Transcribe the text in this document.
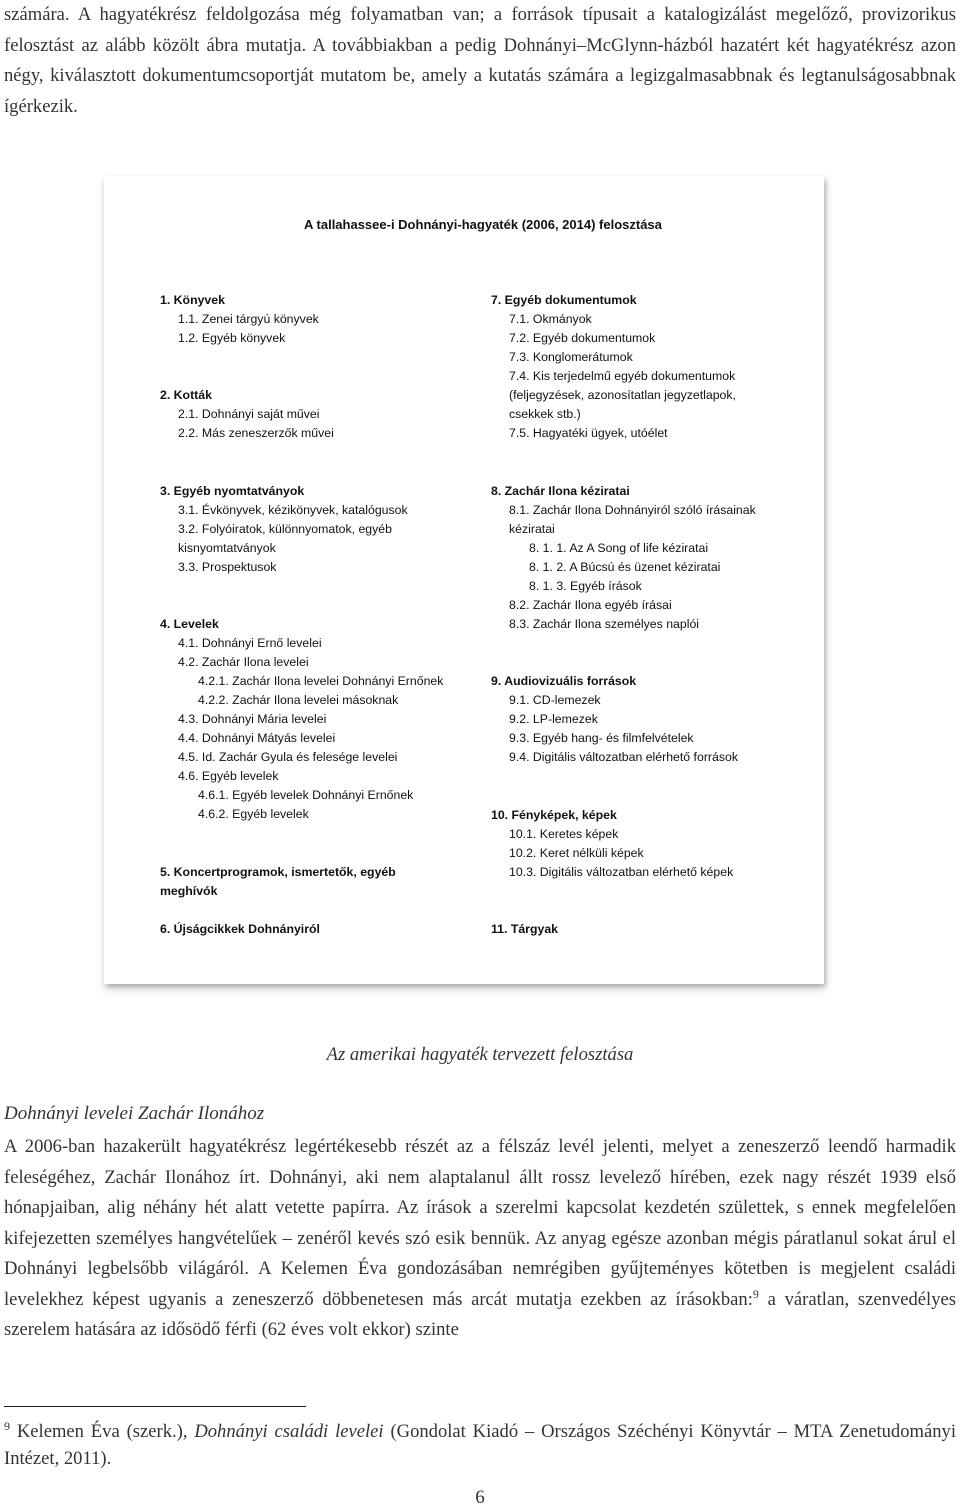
számára. A hagyatékrész feldolgozása még folyamatban van; a források típusait a katalogizálást megelőző, provizorikus felosztást az alább közölt ábra mutatja. A továbbiakban a pedig Dohnányi–McGlynn-házból hazatért két hagyatékrész azon négy, kiválasztott dokumentumcsoportját mutatom be, amely a kutatás számára a legizgalmasabbnak és legtanulságosabbnak ígérkezik.

A tallahassee-i Dohnányi-hagyaték (2006, 2014) felosztása
1. Könyvek
1.1. Zenei tárgyú könyvek
1.2. Egyéb könyvek
2. Kották
2.1. Dohnányi saját művei
2.2. Más zeneszerzők művei
3. Egyéb nyomtatványok
3.1. Évkönyvek, kézikönyvek, katalógusok
3.2. Folyóiratok, különnyomatok, egyéb
kisnyomtatványok
3.3. Prospektusok
4. Levelek
4.1. Dohnányi Ernő levelei
4.2. Zachár Ilona levelei
4.2.1. Zachár Ilona levelei Dohnányi Ernőnek
4.2.2. Zachár Ilona levelei másoknak
4.3. Dohnányi Mária levelei
4.4. Dohnányi Mátyás levelei
4.5. Id. Zachár Gyula és felesége levelei
4.6. Egyéb levelek
4.6.1. Egyéb levelek Dohnányi Ernőnek
4.6.2. Egyéb levelek
5. Koncertprogramok, ismertetők, egyéb
meghívók
6. Újságcikkek Dohnányiról
7. Egyéb dokumentumok
7.1. Okmányok
7.2. Egyéb dokumentumok
7.3. Konglomerátumok
7.4. Kis terjedelmű egyéb dokumentumok
(feljegyzések, azonosítatlan jegyzetlapok,
csekkek stb.)
7.5. Hagyatéki ügyek, utóélet
8. Zachár Ilona kéziratai
8.1. Zachár Ilona Dohnányiról szóló írásainak
kéziratai
8. 1. 1. Az A Song of life kéziratai
8. 1. 2. A Búcsú és üzenet kéziratai
8. 1. 3. Egyéb írások
8.2. Zachár Ilona egyéb írásai
8.3. Zachár Ilona személyes naplói
9. Audiovizuális források
9.1. CD-lemezek
9.2. LP-lemezek
9.3. Egyéb hang- és filmfelvételek
9.4. Digitális változatban elérhető források
10. Fényképek, képek
10.1. Keretes képek
10.2. Keret nélküli képek
10.3. Digitális változatban elérhető képek
11. Tárgyak
Az amerikai hagyaték tervezett felosztása
Dohnányi levelei Zachár Ilonához

A 2006-ban hazakerült hagyatékrész legértékesebb részét az a félszáz levél jelenti, melyet a zeneszerző leendő harmadik feleségéhez, Zachár Ilonához írt. Dohnányi, aki nem alaptalanul állt rossz levelező hírében, ezek nagy részét 1939 első hónapjaiban, alig néhány hét alatt vetette papírra. Az írások a szerelmi kapcsolat kezdetén születtek, s ennek megfelelően kifejezetten személyes hangvételűek – zenéről kevés szó esik bennük. Az anyag egésze azonban mégis páratlanul sokat árul el Dohnányi legbelsőbb világáról. A Kelemen Éva gondozásában nemrégiben gyűjteményes kötetben is megjelent családi levelekhez képest ugyanis a zeneszerző döbbenetesen más arcát mutatja ezekben az írásokban:$^9$ a váratlan, szenvedélyes szerelem hatására az idősödő férfi (62 éves volt ekkor) szinte

$^9$ Kelemen Éva (szerk.), Dohnányi családi levelei (Gondolat Kiadó – Országos Széchényi Könyvtár – MTA Zenetudományi Intézet, 2011).
6
